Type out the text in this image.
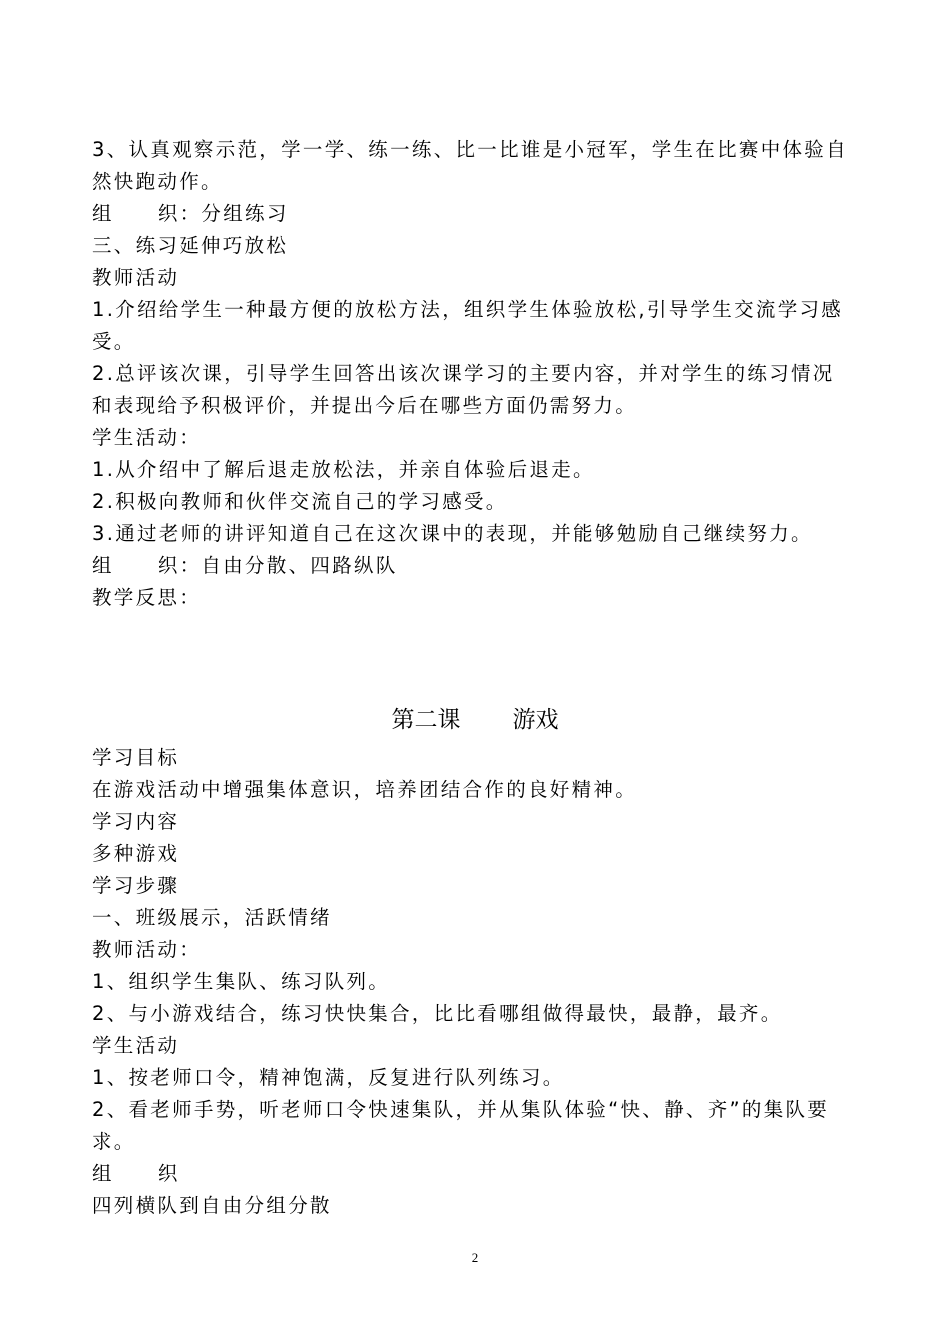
3、认真观察示范，学一学、练一练、比一比谁是小冠军，学生在比赛中体验自
然快跑动作。
组 织：分组练习
三、练习延伸巧放松
教师活动
1.介绍给学生一种最方便的放松方法，组织学生体验放松,引导学生交流学习感
受。
2.总评该次课，引导学生回答出该次课学习的主要内容，并对学生的练习情况
和表现给予积极评价，并提出今后在哪些方面仍需努力。
学生活动：
1.从介绍中了解后退走放松法，并亲自体验后退走。
2.积极向教师和伙伴交流自己的学习感受。
3.通过老师的讲评知道自己在这次课中的表现，并能够勉励自己继续努力。
组 织：自由分散、四路纵队
教学反思：
第二课 游戏
学习目标
在游戏活动中增强集体意识，培养团结合作的良好精神。
学习内容
多种游戏
学习步骤
一、班级展示，活跃情绪
教师活动：
1、组织学生集队、练习队列。
2、与小游戏结合，练习快快集合，比比看哪组做得最快，最静，最齐。
学生活动
1、按老师口令，精神饱满，反复进行队列练习。
2、看老师手势，听老师口令快速集队，并从集队体验“快、静、齐”的集队要
求。
组 织
四列横队到自由分组分散
2
